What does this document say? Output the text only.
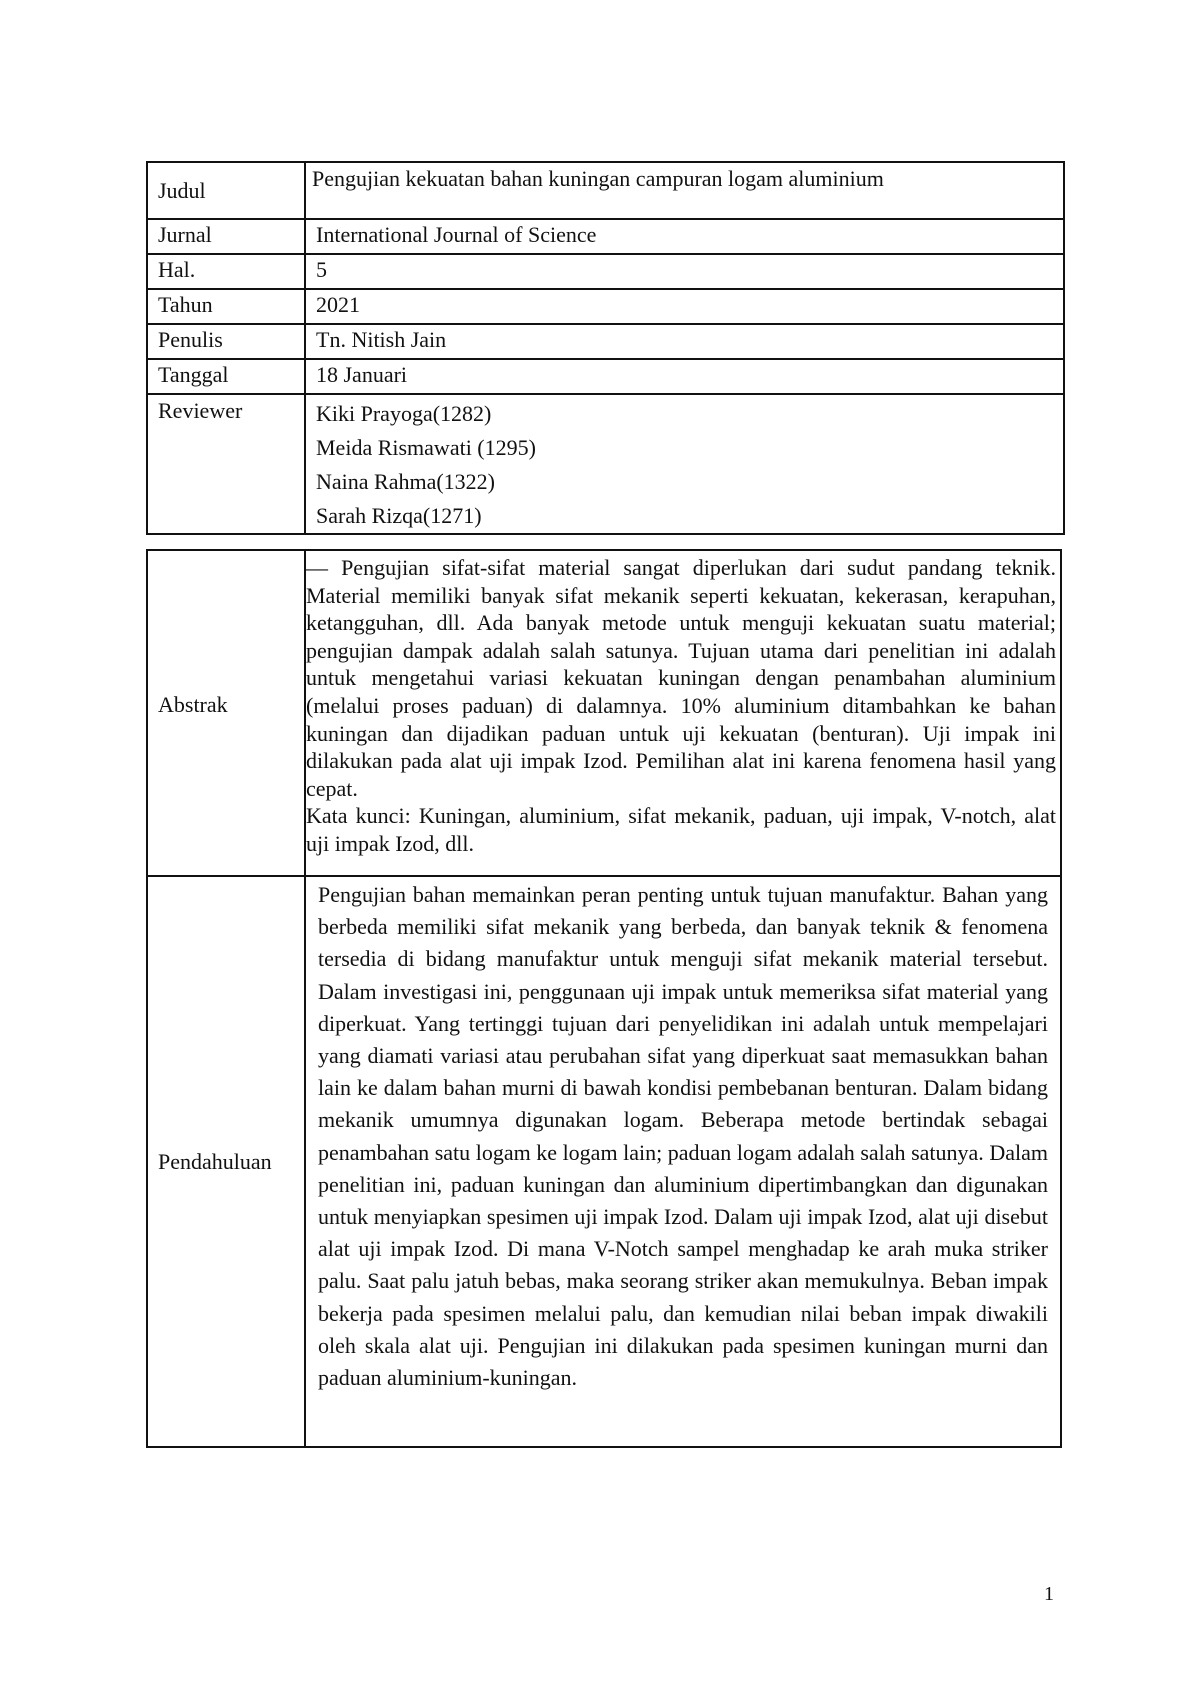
Judul	Pengujian kekuatan bahan kuningan campuran logam aluminium
Jurnal	International Journal of Science
Hal.	5
Tahun	2021
Penulis	Tn. Nitish Jain
Tanggal	18 Januari
Reviewer	Kiki Prayoga(1282)
Meida Rismawati (1295)
Naina Rahma(1322)
Sarah Rizqa(1271)
Abstrak	— Pengujian sifat-sifat material sangat diperlukan dari sudut pandang teknik. Material memiliki banyak sifat mekanik seperti kekuatan, kekerasan, kerapuhan, ketangguhan, dll. Ada banyak metode untuk menguji kekuatan suatu material; pengujian dampak adalah salah satunya. Tujuan utama dari penelitian ini adalah untuk mengetahui variasi kekuatan kuningan dengan penambahan aluminium (melalui proses paduan) di dalamnya. 10% aluminium ditambahkan ke bahan kuningan dan dijadikan paduan untuk uji kekuatan (benturan). Uji impak ini dilakukan pada alat uji impak Izod. Pemilihan alat ini karena fenomena hasil yang cepat.
Kata kunci: Kuningan, aluminium, sifat mekanik, paduan, uji impak, V-notch, alat uji impak Izod, dll.

Pendahuluan	Pengujian bahan memainkan peran penting untuk tujuan manufaktur. Bahan yang berbeda memiliki sifat mekanik yang berbeda, dan banyak teknik & fenomena tersedia di bidang manufaktur untuk menguji sifat mekanik material tersebut. Dalam investigasi ini, penggunaan uji impak untuk memeriksa sifat material yang diperkuat. Yang tertinggi tujuan dari penyelidikan ini adalah untuk mempelajari yang diamati variasi atau perubahan sifat yang diperkuat saat memasukkan bahan lain ke dalam bahan murni di bawah kondisi pembebanan benturan. Dalam bidang mekanik umumnya digunakan logam. Beberapa metode bertindak sebagai penambahan satu logam ke logam lain; paduan logam adalah salah satunya. Dalam penelitian ini, paduan kuningan dan aluminium dipertimbangkan dan digunakan untuk menyiapkan spesimen uji impak Izod. Dalam uji impak Izod, alat uji disebut alat uji impak Izod. Di mana V-Notch sampel menghadap ke arah muka striker palu. Saat palu jatuh bebas, maka seorang striker akan memukulnya. Beban impak bekerja pada spesimen melalui palu, dan kemudian nilai beban impak diwakili oleh skala alat uji. Pengujian ini dilakukan pada spesimen kuningan murni dan paduan aluminium-kuningan.
1
